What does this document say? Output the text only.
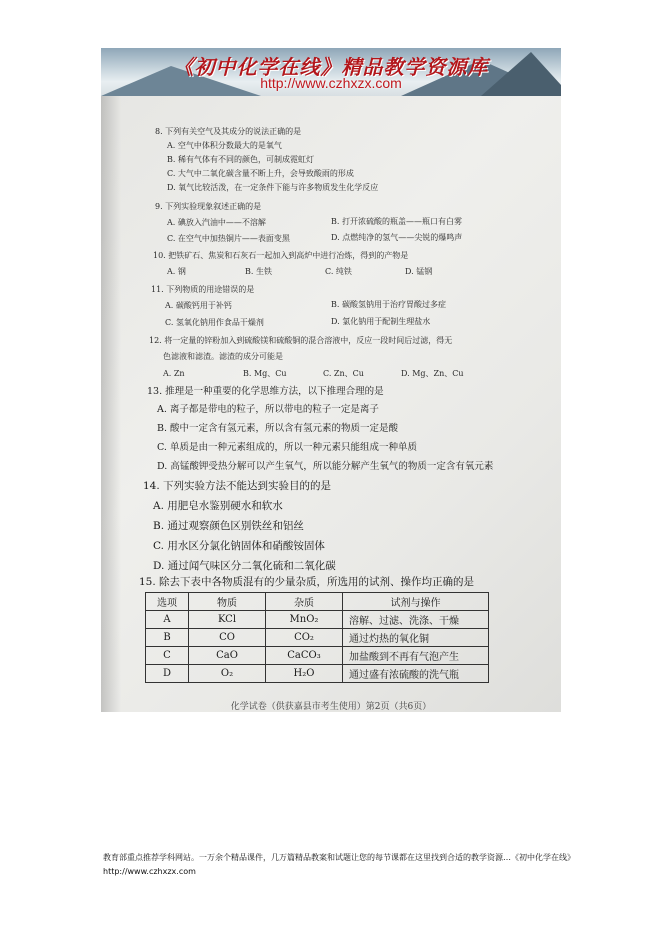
《初中化学在线》精品教学资源库
http://www.czhxzx.com
8. 下列有关空气及其成分的说法正确的是
A. 空气中体积分数最大的是氧气
B. 稀有气体有不同的颜色，可制成霓虹灯
C. 大气中二氧化碳含量不断上升，会导致酸雨的形成
D. 氧气比较活泼，在一定条件下能与许多物质发生化学反应
9. 下列实验现象叙述正确的是
A. 碘放入汽油中——不溶解	B. 打开浓硫酸的瓶盖——瓶口有白雾
C. 在空气中加热铜片——表面变黑	D. 点燃纯净的氢气——尖锐的爆鸣声
10. 把铁矿石、焦炭和石灰石一起加入到高炉中进行冶炼，得到的产物是
A. 钢	B. 生铁	C. 纯铁	D. 锰钢
11. 下列物质的用途错误的是
A. 碳酸钙用于补钙	B. 碳酸氢钠用于治疗胃酸过多症
C. 氢氧化钠用作食品干燥剂	D. 氯化钠用于配制生理盐水
12. 将一定量的锌粉加入到硫酸镁和硫酸铜的混合溶液中，反应一段时间后过滤，得无
色滤液和滤渣。滤渣的成分可能是
A. Zn	B. Mg、Cu	C. Zn、Cu	D. Mg、Zn、Cu
13. 推理是一种重要的化学思维方法，以下推理合理的是
A. 离子都是带电的粒子，所以带电的粒子一定是离子
B. 酸中一定含有氢元素，所以含有氢元素的物质一定是酸
C. 单质是由一种元素组成的，所以一种元素只能组成一种单质
D. 高锰酸钾受热分解可以产生氧气，所以能分解产生氧气的物质一定含有氧元素
14. 下列实验方法不能达到实验目的的是
A. 用肥皂水鉴别硬水和软水
B. 通过观察颜色区别铁丝和铝丝
C. 用水区分氯化钠固体和硝酸铵固体
D. 通过闻气味区分二氧化硫和二氧化碳
15. 除去下表中各物质混有的少量杂质，所选用的试剂、操作均正确的是
选项	物质	杂质	试剂与操作
A	KCl	MnO₂	溶解、过滤、洗涤、干燥
B	CO	CO₂	通过灼热的氧化铜
C	CaO	CaCO₃	加盐酸到不再有气泡产生
D	O₂	H₂O	通过盛有浓硫酸的洗气瓶
化学试卷（供获嘉县市考生使用）第2页（共6页）
教育部重点推荐学科网站。一万余个精品课件，几万篇精品教案和试题让您的每节课都在这里找到合适的教学资源…《初中化学在线》http://www.czhxzx.com
